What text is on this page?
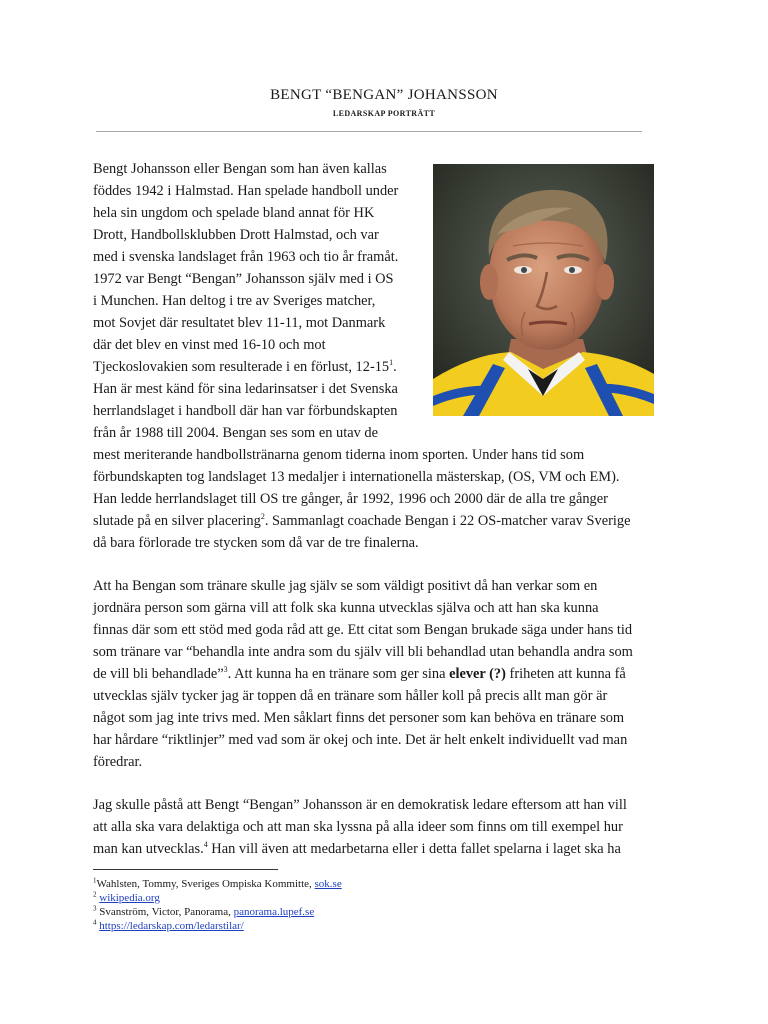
BENGT “BENGAN” JOHANSSON
LEDARSKAP PORTRÄTT
Bengt Johansson eller Bengan som han även kallas
föddes 1942 i Halmstad. Han spelade handboll under
hela sin ungdom och spelade bland annat för HK
Drott, Handbollsklubben Drott Halmstad, och var
med i svenska landslaget från 1963 och tio år framåt.
1972 var Bengt “Bengan” Johansson själv med i OS
i Munchen. Han deltog i tre av Sveriges matcher,
mot Sovjet där resultatet blev 11-11, mot Danmark
där det blev en vinst med 16-10 och mot
Tjeckoslovakien som resulterade i en förlust, $12-15^1$.
Han är mest känd för sina ledarinsatser i det Svenska
herrlandslaget i handboll där han var förbundskapten
från år 1988 till 2004. Bengan ses som en utav de
mest meriterande handbollstränarna genom tiderna inom sporten. Under hans tid som
förbundskapten tog landslaget 13 medaljer i internationella mästerskap, (OS, VM och EM).
Han ledde herrlandslaget till OS tre gånger, år 1992, 1996 och 2000 där de alla tre gånger
slutade på en silver placering$^2$. Sammanlagt coachade Bengan i 22 OS-matcher varav Sverige
då bara förlorade tre stycken som då var de tre finalerna.
Att ha Bengan som tränare skulle jag själv se som väldigt positivt då han verkar som en
jordnära person som gärna vill att folk ska kunna utvecklas själva och att han ska kunna
finnas där som ett stöd med goda råd att ge. Ett citat som Bengan brukade säga under hans tid
som tränare var “behandla inte andra som du själv vill bli behandlad utan behandla andra som
de vill bli behandlade”$^3$. Att kunna ha en tränare som ger sina elever (?) friheten att kunna få
utvecklas själv tycker jag är toppen då en tränare som håller koll på precis allt man gör är
något som jag inte trivs med. Men såklart finns det personer som kan behöva en tränare som
har hårdare “riktlinjer” med vad som är okej och inte. Det är helt enkelt individuellt vad man
föredrar.
Jag skulle påstå att Bengt “Bengan” Johansson är en demokratisk ledare eftersom att han vill
att alla ska vara delaktiga och att man ska lyssna på alla ideer som finns om till exempel hur
man kan utvecklas.$^4$ Han vill även att medarbetarna eller i detta fallet spelarna i laget ska ha
$^1$Wahlsten, Tommy, Sveriges Ompiska Kommitte, sok.se
$^2$ wikipedia.org
$^3$ Svanström, Victor, Panorama, panorama.lupef.se
$^4$ https://ledarskap.com/ledarstilar/
